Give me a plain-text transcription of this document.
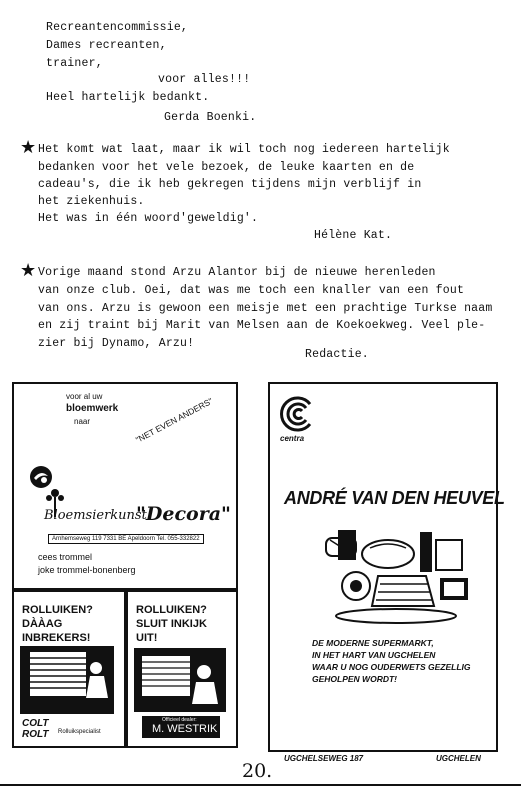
Recreantencommissie,
Dames recreanten,
trainer,
voor alles!!!
Heel hartelijk bedankt.
Gerda Boenki.
★ Het komt wat laat, maar ik wil toch nog iedereen hartelijk
bedanken voor het vele bezoek, de leuke kaarten en de
cadeau's, die ik heb gekregen tijdens mijn verblijf in
het ziekenhuis.
Het was in één woord'geweldig'.
Hélène Kat.
★ Vorige maand stond Arzu Alantor bij de nieuwe herenleden
van onze club. Oei, dat was me toch een knaller van een fout
van ons. Arzu is gewoon een meisje met een prachtige Turkse naam
en zij traint bij Marit van Melsen aan de Koekoekweg. Veel ple-
zier bij Dynamo, Arzu!
Redactie.
voor al uw
bloemwerk
naar	"NET EVEN ANDERS"
Bloemsierkunst
"Decora"
Arnhemseweg 119 7331 BE Apeldoorn Tel. 055-332822
cees trommel
joke trommel-bonenberg
ROLLUIKEN?
DÀÀAG
INBREKERS!
COLT
ROLT Rolluikspecialist
ROLLUIKEN?
SLUIT INKIJK
UIT!

Officieel dealer:

M. WESTRIK

centra
ANDRÉ VAN DEN HEUVEL
DE MODERNE SUPERMARKT,
IN HET HART VAN UGCHELEN
WAAR U NOG OUDERWETS GEZELLIG
GEHOLPEN WORDT!
UGCHELSEWEG 187	UGCHELEN
20.
